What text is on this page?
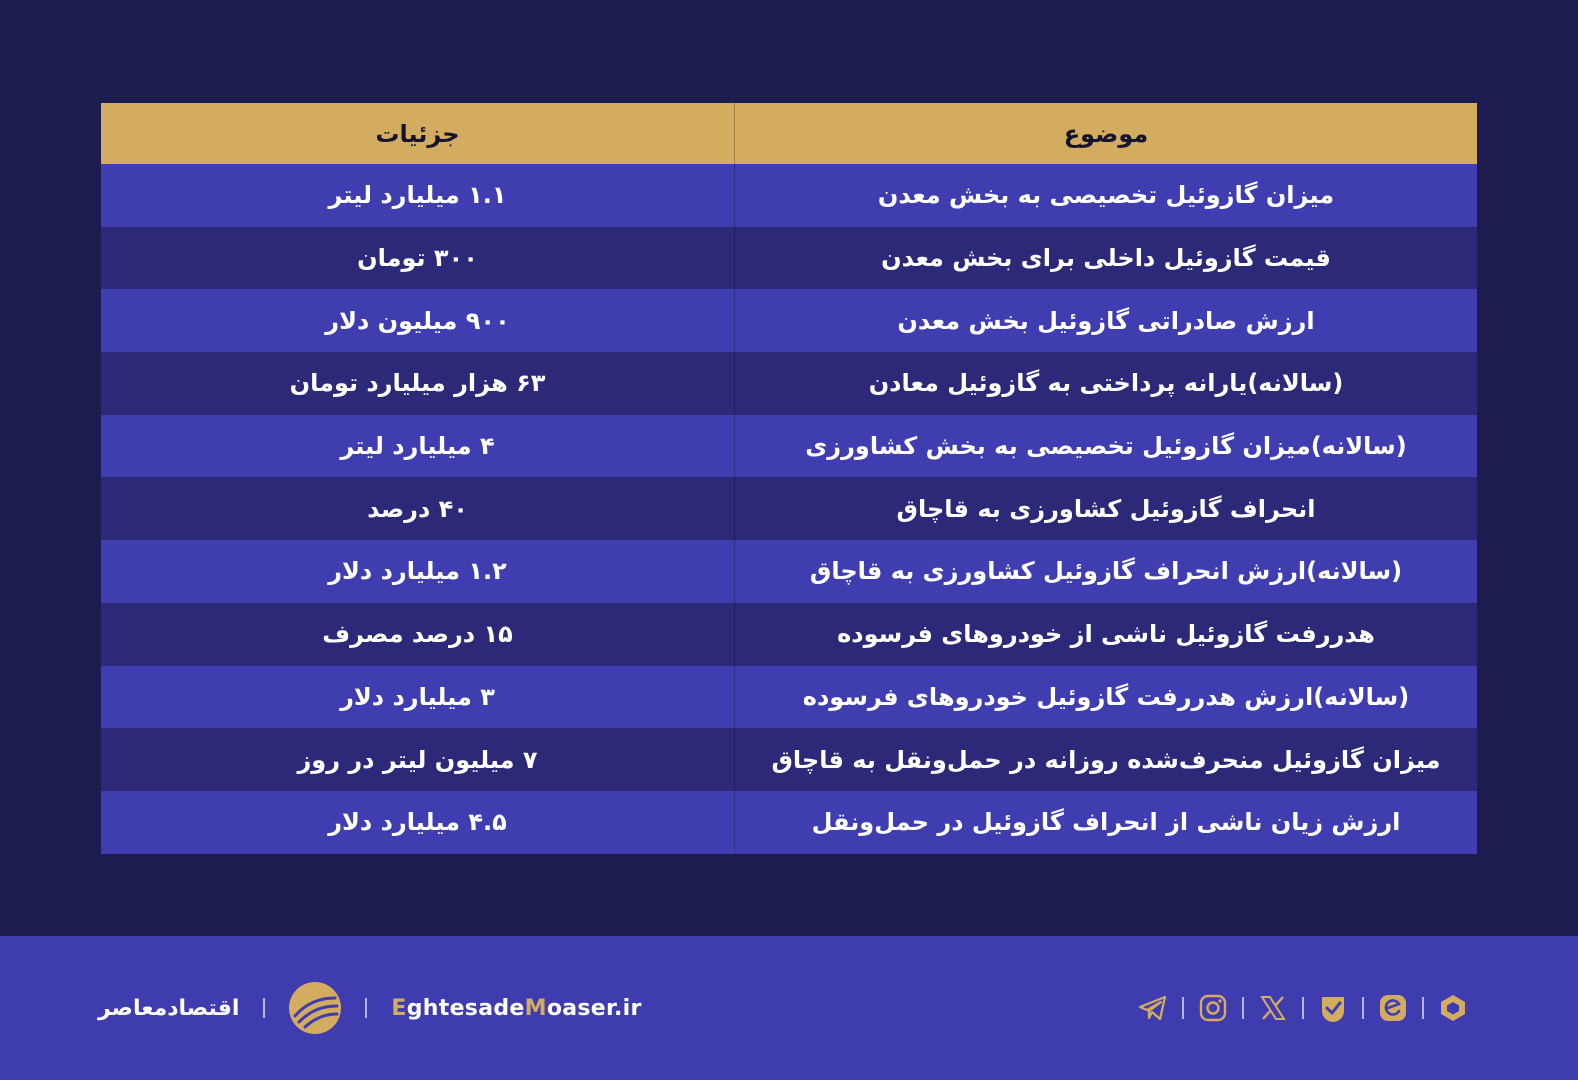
موضوع	جزئیات
میزان گازوئیل تخصیصی به بخش معدن	۱.۱ میلیارد لیتر
قیمت گازوئیل داخلی برای بخش معدن	۳۰۰ تومان
ارزش صادراتی گازوئیل بخش معدن	۹۰۰ میلیون دلار
(سالانه)یارانه پرداختی به گازوئیل معادن	۶۳ هزار میلیارد تومان
(سالانه)میزان گازوئیل تخصیصی به بخش کشاورزی	۴ میلیارد لیتر
انحراف گازوئیل کشاورزی به قاچاق	۴۰ درصد
(سالانه)ارزش انحراف گازوئیل کشاورزی به قاچاق	۱.۲ میلیارد دلار
هدررفت گازوئیل ناشی از خودروهای فرسوده	۱۵ درصد مصرف
(سالانه)ارزش هدررفت گازوئیل خودروهای فرسوده	۳ میلیارد دلار
میزان گازوئیل منحرف‌شده روزانه در حمل‌ونقل به قاچاق	۷ میلیون لیتر در روز
ارزش زیان ناشی از انحراف گازوئیل در حمل‌ونقل	۴.۵ میلیارد دلار
اقتصادمعاصر	EghtesadeMoaser.ir
